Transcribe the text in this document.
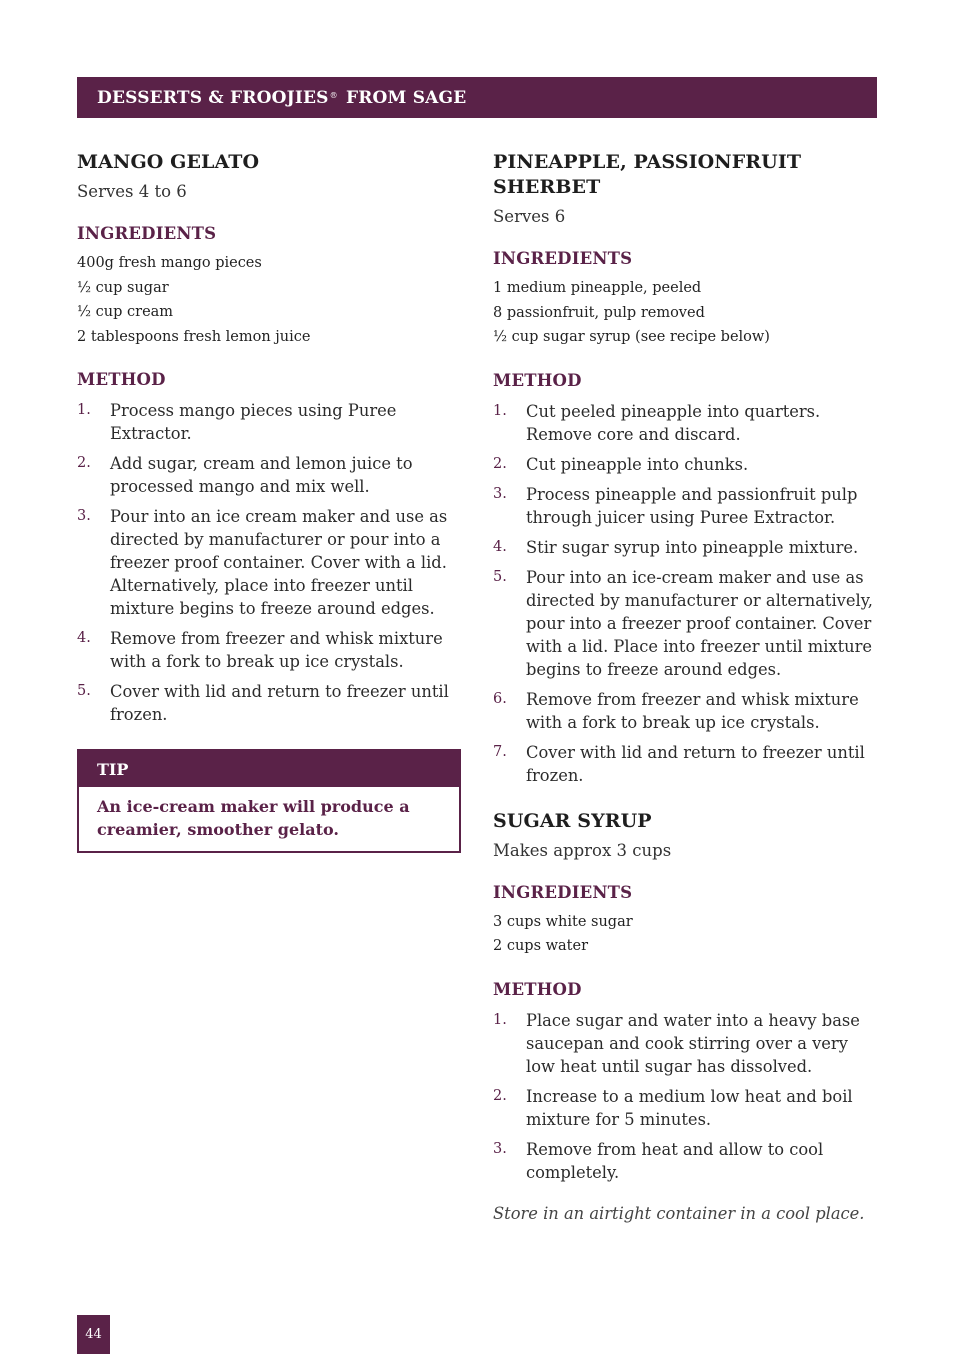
DESSERTS & FROOJIES® FROM SAGE
MANGO GELATO

Serves 4 to 6

INGREDIENTS
400g fresh mango pieces
½ cup sugar
½ cup cream
2 tablespoons fresh lemon juice
METHOD
1. Process mango pieces using Puree Extractor.
2. Add sugar, cream and lemon juice to processed mango and mix well.
3. Pour into an ice cream maker and use as directed by manufacturer or pour into a freezer proof container. Cover with a lid. Alternatively, place into freezer until mixture begins to freeze around edges.
4. Remove from freezer and whisk mixture with a fork to break up ice crystals.
5. Cover with lid and return to freezer until frozen.
TIP
An ice-cream maker will produce a creamier, smoother gelato.
PINEAPPLE, PASSIONFRUIT
SHERBET

Serves 6

INGREDIENTS
1 medium pineapple, peeled
8 passionfruit, pulp removed
½ cup sugar syrup (see recipe below)
METHOD
1. Cut peeled pineapple into quarters. Remove core and discard.
2. Cut pineapple into chunks.
3. Process pineapple and passionfruit pulp through juicer using Puree Extractor.
4. Stir sugar syrup into pineapple mixture.
5. Pour into an ice-cream maker and use as directed by manufacturer or alternatively, pour into a freezer proof container. Cover with a lid. Place into freezer until mixture begins to freeze around edges.
6. Remove from freezer and whisk mixture with a fork to break up ice crystals.
7. Cover with lid and return to freezer until frozen.
SUGAR SYRUP

Makes approx 3 cups

INGREDIENTS
3 cups white sugar
2 cups water
METHOD
1. Place sugar and water into a heavy base saucepan and cook stirring over a very low heat until sugar has dissolved.
2. Increase to a medium low heat and boil mixture for 5 minutes.
3. Remove from heat and allow to cool completely.
Store in an airtight container in a cool place.
44
